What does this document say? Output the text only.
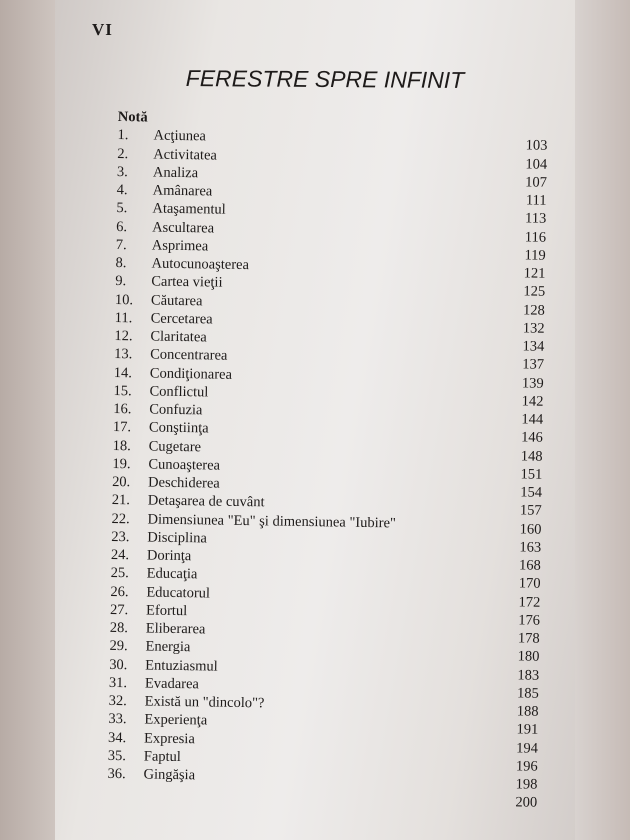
VI
FERESTRE SPRE INFINIT
Notă
1. Acţiunea
103
2. Activitatea
104
3. Analiza
107
4. Amânarea
111
5. Ataşamentul
113
6. Ascultarea
116
7. Asprimea
119
8. Autocunoaşterea
121
9. Cartea vieţii
125
10. Căutarea
128
11. Cercetarea
132
12. Claritatea
134
13. Concentrarea
137
14. Condiţionarea
139
15. Conflictul
142
16. Confuzia
144
17. Conştiinţa
146
18. Cugetare
148
19. Cunoaşterea
151
20. Deschiderea
154
21. Detaşarea de cuvânt
157
22. Dimensiunea "Eu" şi dimensiunea "Iubire"	160
23. Disciplina
163
24. Dorinţa
168
25. Educaţia
170
26. Educatorul
172
27. Efortul
176
28. Eliberarea
178
29. Energia
180
30. Entuziasmul
183
31. Evadarea
185
32. Există un "dincolo"?
188
33. Experienţa
191
34. Expresia
194
35. Faptul
196
36. Gingăşia
198
200
